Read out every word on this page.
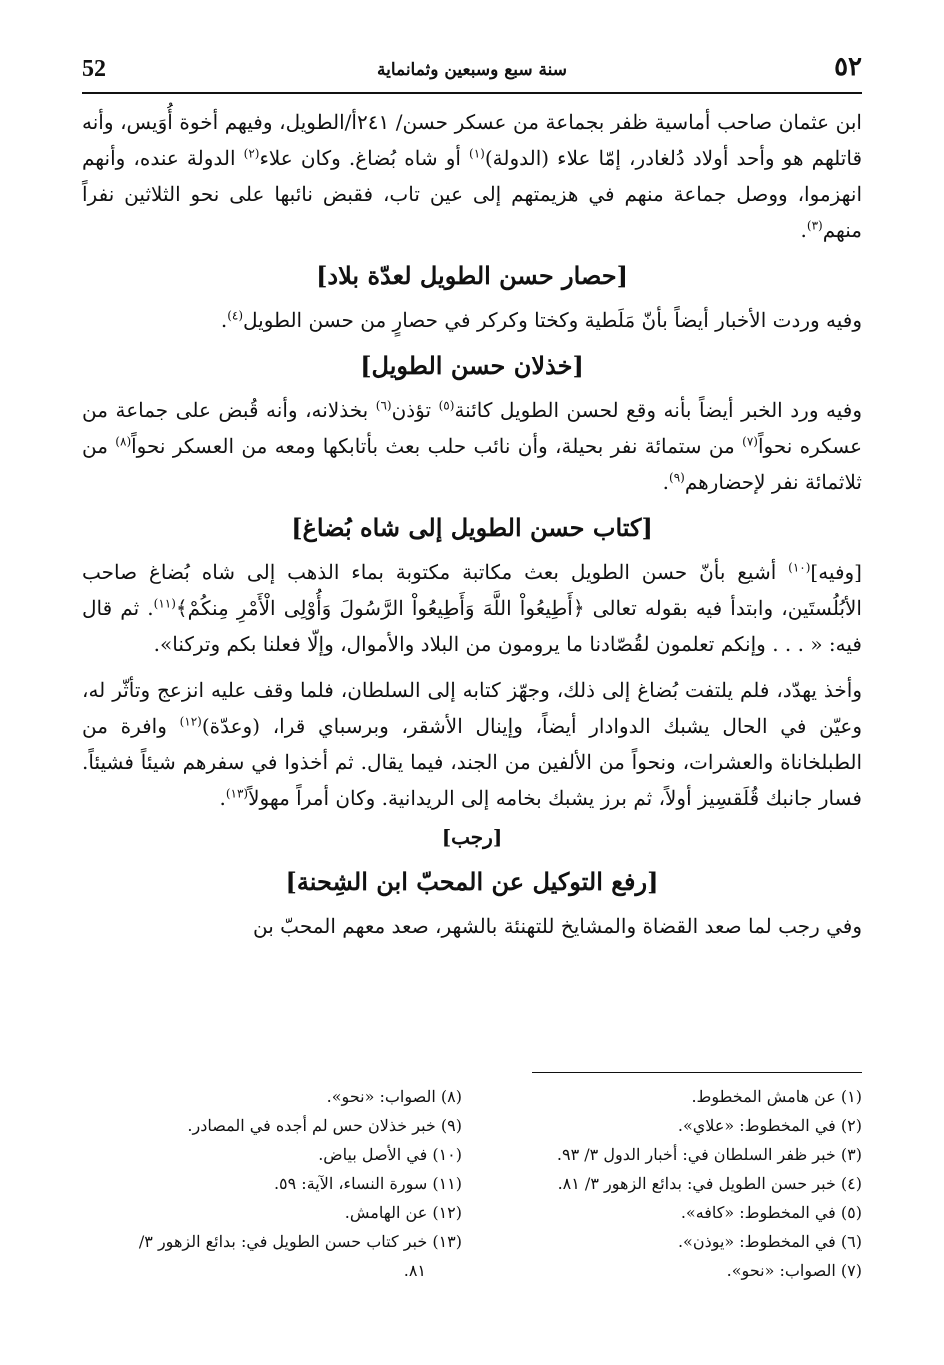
52	سنة سبع وسبعين وثمانماية	٥٢

ابن عثمان صاحب أماسية ظفر بجماعة من عسكر حسن/ ٢٤١أ/الطويل، وفيهم أخوة أُوَيس، وأنه قاتلهم هو وأحد أولاد دُلغادر، إمّا علاء (الدولة)$^{(١)}$ أو شاه بُضاغ. وكان علاء$^{(٢)}$ الدولة عنده، وأنهم انهزموا، ووصل جماعة منهم في هزيمتهم إلى عين تاب، فقبض نائبها على نحو الثلاثين نفراً منهم$^{(٣)}$.

[حصار حسن الطويل لعدّة بلاد]

وفيه وردت الأخبار أيضاً بأنّ مَلَطية وكختا وكركر في حصارٍ من حسن الطويل$^{(٤)}$.

[خذلان حسن الطويل]

وفيه ورد الخبر أيضاً بأنه وقع لحسن الطويل كائنة$^{(٥)}$ تؤذن$^{(٦)}$ بخذلانه، وأنه قُبض على جماعة من عسكره نحواً$^{(٧)}$ من ستمائة نفر بحيلة، وأن نائب حلب بعث بأتابكها ومعه من العسكر نحواً$^{(٨)}$ من ثلاثمائة نفر لإحضارهم$^{(٩)}$.

[كتاب حسن الطويل إلى شاه بُضاغ]

[وفيه]$^{(١٠)}$ أشيع بأنّ حسن الطويل بعث مكاتبة مكتوبة بماء الذهب إلى شاه بُضاغ صاحب الأبُلُستَين، وابتدأ فيه بقوله تعالى ﴿أَطِيعُواْ اللَّهَ وَأَطِيعُواْ الرَّسُولَ وَأُوْلِى الْأَمْرِ مِنكُمْ﴾$^{(١١)}$. ثم قال فيه: « . . . وإنكم تعلمون لقُصّادنا ما يرومون من البلاد والأموال، وإلّا فعلنا بكم وتركنا».

وأخذ يهدّد، فلم يلتفت بُضاغ إلى ذلك، وجهّز كتابه إلى السلطان، فلما وقف عليه انزعج وتأثّر له، وعيّن في الحال يشبك الدوادار أيضاً، وإينال الأشقر، وبرسباي قرا، (وعدّة)$^{(١٢)}$ وافرة من الطبلخاناة والعشرات، ونحواً من الألفين من الجند، فيما يقال. ثم أخذوا في سفرهم شيئاً فشيئاً. فسار جانبك قُلَقسِيز أولاً، ثم برز يشبك بخامه إلى الريدانية. وكان أمراً مهولاً$^{(١٣)}$.

[رجب]
[رفع التوكيل عن المحبّ ابن الشِحنة]

وفي رجب لما صعد القضاة والمشايخ للتهنئة بالشهر، صعد معهم المحبّ بن

(١) عن هامش المخطوط.

(٢) في المخطوط: «علاي».

(٣) خبر ظفر السلطان في: أخبار الدول ٣/ ٩٣.

(٤) خبر حسن الطويل في: بدائع الزهور ٣/ ٨١.

(٥) في المخطوط: «كافه».

(٦) في المخطوط: «يوذن».

(٧) الصواب: «نحو».

(٨) الصواب: «نحو».

(٩) خبر خذلان حس لم أجده في المصادر.

(١٠) في الأصل بياض.

(١١) سورة النساء، الآية: ٥٩.

(١٢) عن الهامش.

(١٣) خبر كتاب حسن الطويل في: بدائع الزهور ٣/

٨١.
